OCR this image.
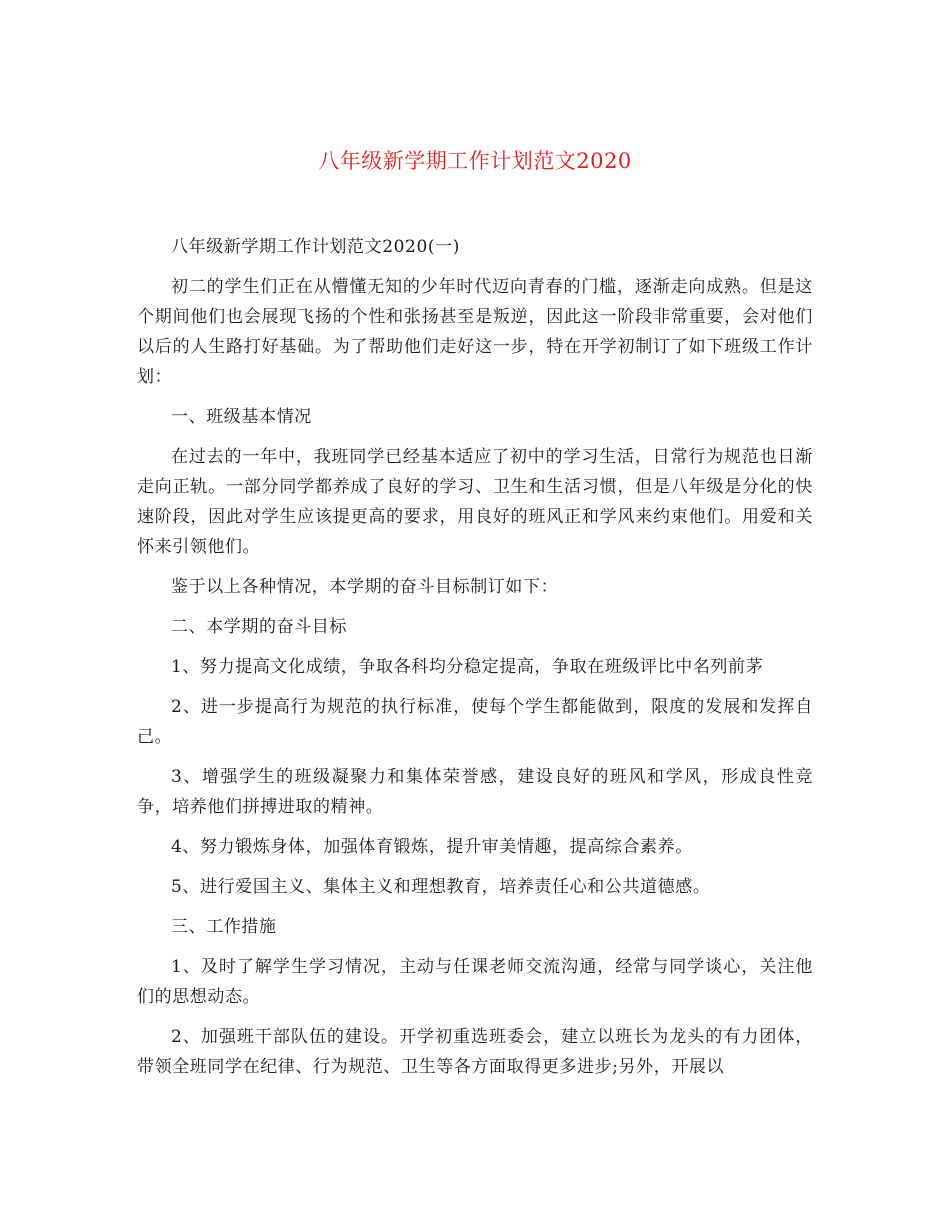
八年级新学期工作计划范文2020

八年级新学期工作计划范文2020(一)

初二的学生们正在从懵懂无知的少年时代迈向青春的门槛，逐渐走向成熟。但是这个期间他们也会展现飞扬的个性和张扬甚至是叛逆，因此这一阶段非常重要，会对他们以后的人生路打好基础。为了帮助他们走好这一步，特在开学初制订了如下班级工作计划：

一、班级基本情况

在过去的一年中，我班同学已经基本适应了初中的学习生活，日常行为规范也日渐走向正轨。一部分同学都养成了良好的学习、卫生和生活习惯，但是八年级是分化的快速阶段，因此对学生应该提更高的要求，用良好的班风正和学风来约束他们。用爱和关怀来引领他们。

鉴于以上各种情况，本学期的奋斗目标制订如下：

二、本学期的奋斗目标

1、努力提高文化成绩，争取各科均分稳定提高，争取在班级评比中名列前茅

2、进一步提高行为规范的执行标准，使每个学生都能做到，限度的发展和发挥自己。

3、增强学生的班级凝聚力和集体荣誉感，建设良好的班风和学风，形成良性竞争，培养他们拼搏进取的精神。

4、努力锻炼身体，加强体育锻炼，提升审美情趣，提高综合素养。

5、进行爱国主义、集体主义和理想教育，培养责任心和公共道德感。

三、工作措施

1、及时了解学生学习情况，主动与任课老师交流沟通，经常与同学谈心，关注他们的思想动态。

2、加强班干部队伍的建设。开学初重选班委会，建立以班长为龙头的有力团体，带领全班同学在纪律、行为规范、卫生等各方面取得更多进步;另外，开展以
